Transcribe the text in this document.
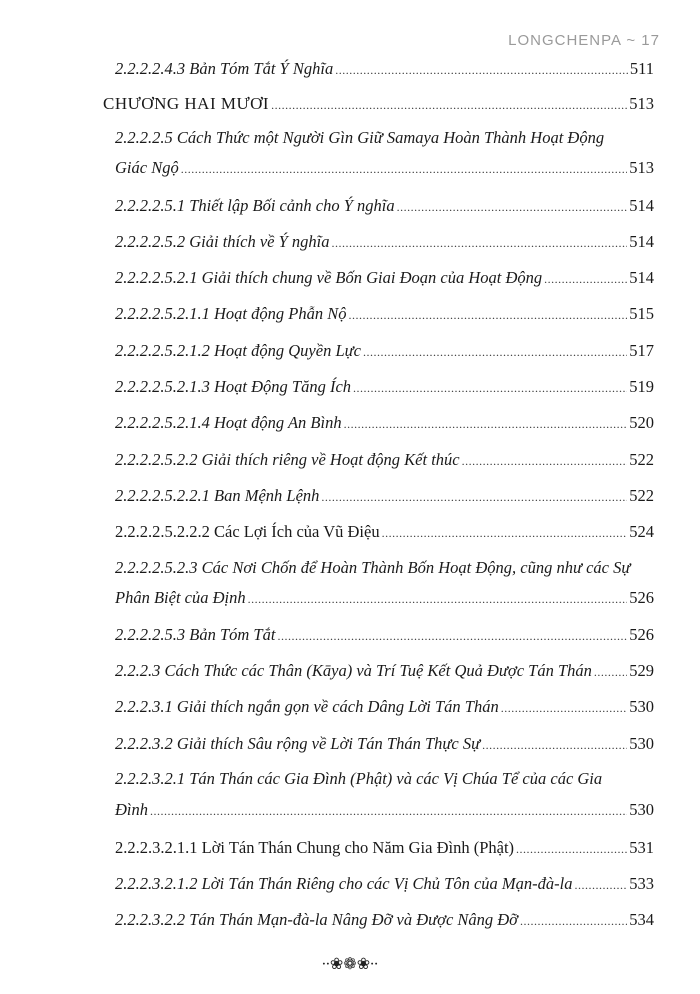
LONGCHENPA ~ 17
2.2.2.2.4.3 Bản Tóm Tắt Ý Nghĩa .....	511
CHƯƠNG HAI MƯƠI .....	513
2.2.2.2.5 Cách Thức một Người Gìn Giữ Samaya Hoàn Thành Hoạt Động
Giác Ngộ .....	513
2.2.2.2.5.1 Thiết lập Bối cảnh cho Ý nghĩa .....	514
2.2.2.2.5.2 Giải thích về Ý nghĩa .....	514
2.2.2.2.5.2.1 Giải thích chung về Bốn Giai Đoạn của Hoạt Động .....	514
2.2.2.2.5.2.1.1 Hoạt động Phẫn Nộ .....	515
2.2.2.2.5.2.1.2 Hoạt động Quyền Lực .....	517
2.2.2.2.5.2.1.3 Hoạt Động Tăng Ích .....	519
2.2.2.2.5.2.1.4 Hoạt động An Bình .....	520
2.2.2.2.5.2.2 Giải thích riêng về Hoạt động Kết thúc .....	522
2.2.2.2.5.2.2.1 Ban Mệnh Lệnh .....	522
2.2.2.2.5.2.2.2 Các Lợi Ích của Vũ Điệu .....	524
2.2.2.2.5.2.3 Các Nơi Chốn để Hoàn Thành Bốn Hoạt Động, cũng như các Sự
Phân Biệt của Định .....	526
2.2.2.2.5.3 Bản Tóm Tắt .....	526
2.2.2.3 Cách Thức các Thân (Kāya) và Trí Tuệ Kết Quả Được Tán Thán ..... 529
2.2.2.3.1 Giải thích ngắn gọn về cách Dâng Lời Tán Thán .....	530
2.2.2.3.2 Giải thích Sâu rộng về Lời Tán Thán Thực Sự .....	530
2.2.2.3.2.1 Tán Thán các Gia Đình (Phật) và các Vị Chúa Tể của các Gia
Đình .....	530
2.2.2.3.2.1.1 Lời Tán Thán Chung cho Năm Gia Đình (Phật) .....	531
2.2.2.3.2.1.2 Lời Tán Thán Riêng cho các Vị Chủ Tôn của Mạn-đà-la .....	533
2.2.2.3.2.2 Tán Thán Mạn-đà-la Nâng Đỡ và Được Nâng Đỡ .....	534
∙∙❀❁❀∙∙
